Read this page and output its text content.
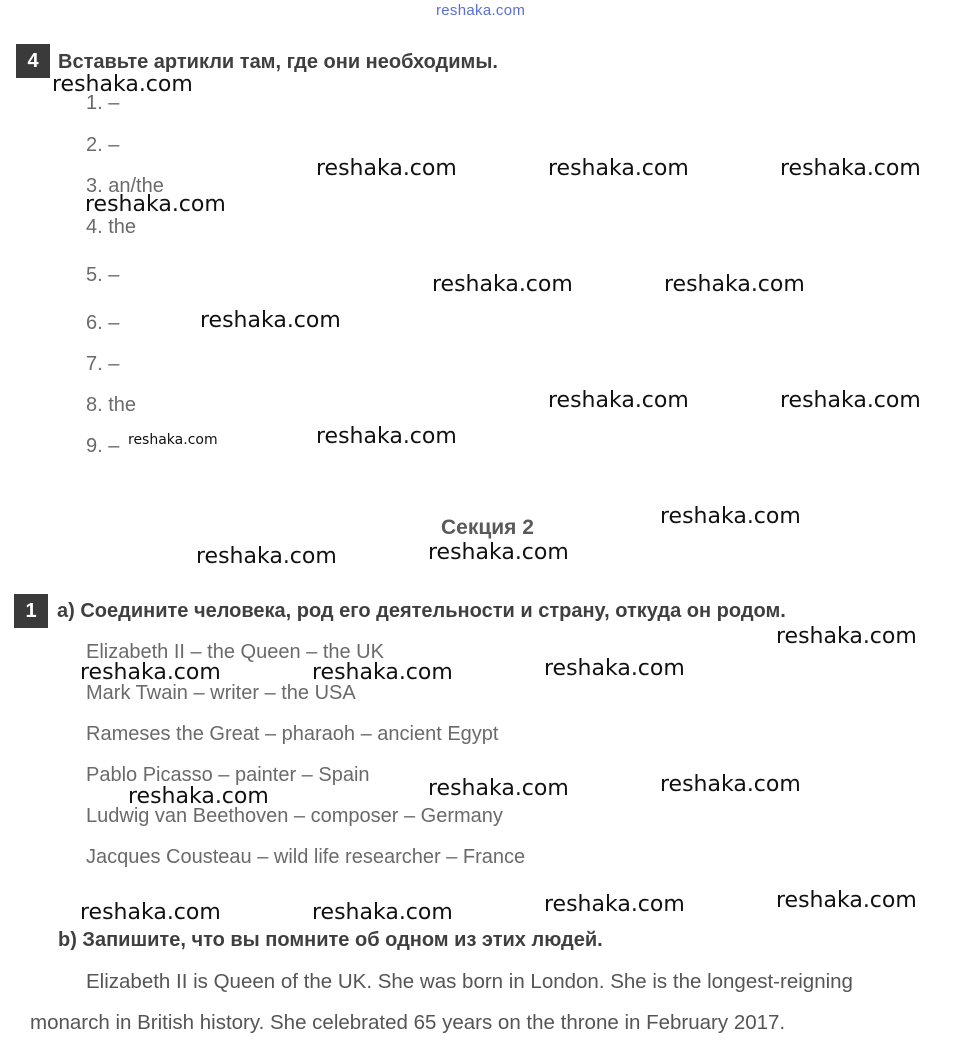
reshaka.com
4 Вставьте артикли там, где они необходимы.
1. –
2. –
3. an/the
4. the
5. –
6. –
7. –
8. the
9. –
Секция 2
1	а) Соедините человека, род его деятельности и страну, откуда он родом.
Elizabeth II – the Queen – the UK
Mark Twain – writer – the USA
Rameses the Great – pharaoh – ancient Egypt
Pablo Picasso – painter – Spain
Ludwig van Beethoven – composer – Germany
Jacques Cousteau – wild life researcher – France
b) Запишите, что вы помните об одном из этих людей.
Elizabeth II is Queen of the UK. She was born in London. She is the longest-reigning
monarch in British history. She celebrated 65 years on the throne in February 2017.
reshaka.com
reshaka.com	reshaka.com	reshaka.com
reshaka.com
reshaka.com	reshaka.com
reshaka.com
reshaka.com	reshaka.com
reshaka.com	reshaka.com
reshaka.com
reshaka.com	reshaka.com
reshaka.com
reshaka.com	reshaka.com	reshaka.com
reshaka.com	reshaka.com
reshaka.com
reshaka.com	reshaka.com	reshaka.com	reshaka.com
